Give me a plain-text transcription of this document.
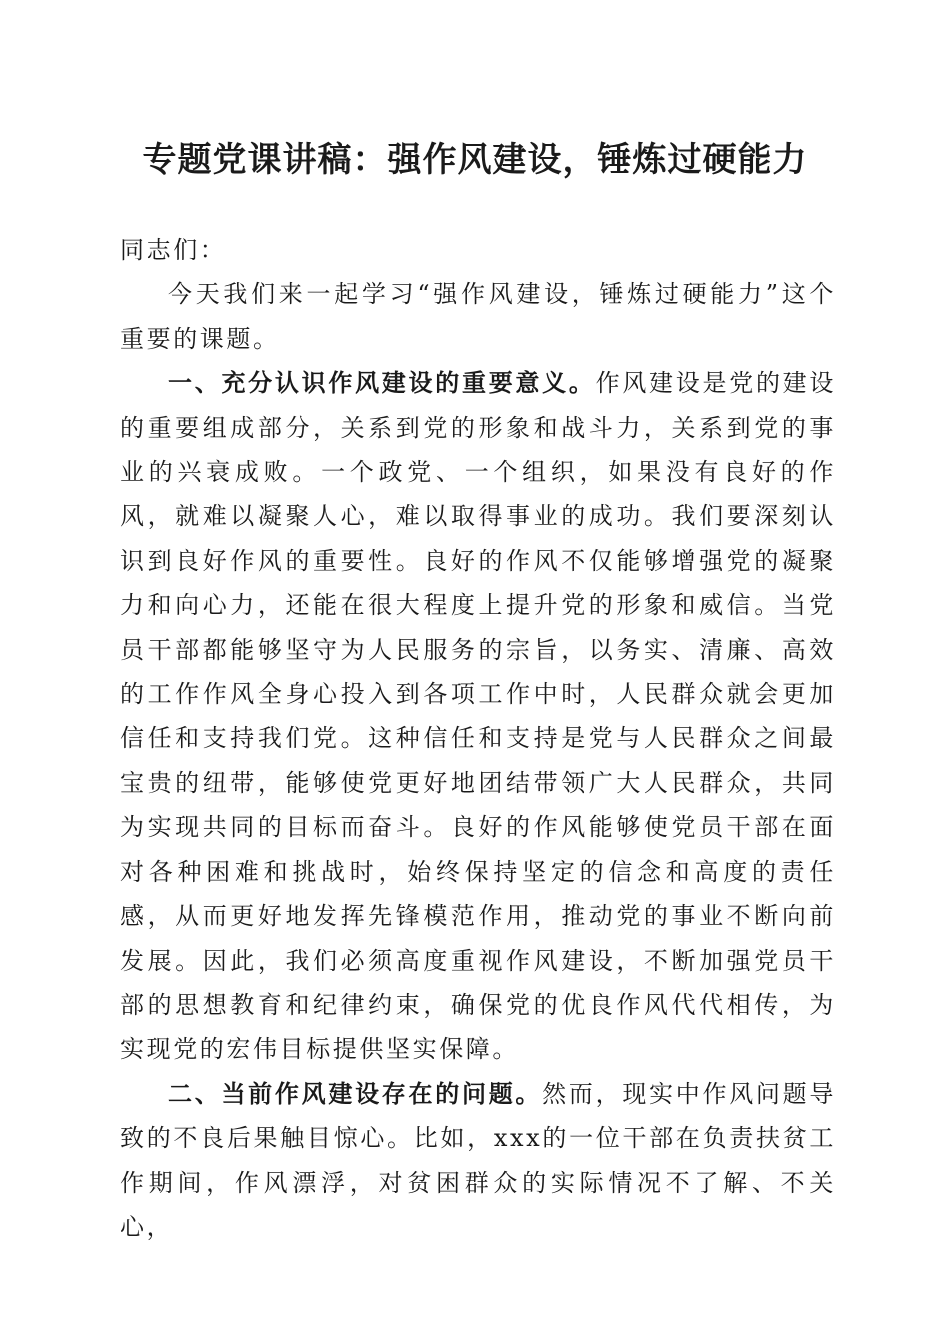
专题党课讲稿：强作风建设，锤炼过硬能力

同志们：

今天我们来一起学习“强作风建设，锤炼过硬能力”这个重要的课题。

一、充分认识作风建设的重要意义。作风建设是党的建设的重要组成部分，关系到党的形象和战斗力，关系到党的事业的兴衰成败。一个政党、一个组织，如果没有良好的作风，就难以凝聚人心，难以取得事业的成功。我们要深刻认识到良好作风的重要性。良好的作风不仅能够增强党的凝聚力和向心力，还能在很大程度上提升党的形象和威信。当党员干部都能够坚守为人民服务的宗旨，以务实、清廉、高效的工作作风全身心投入到各项工作中时，人民群众就会更加信任和支持我们党。这种信任和支持是党与人民群众之间最宝贵的纽带，能够使党更好地团结带领广大人民群众，共同为实现共同的目标而奋斗。良好的作风能够使党员干部在面对各种困难和挑战时，始终保持坚定的信念和高度的责任感，从而更好地发挥先锋模范作用，推动党的事业不断向前发展。因此，我们必须高度重视作风建设，不断加强党员干部的思想教育和纪律约束，确保党的优良作风代代相传，为实现党的宏伟目标提供坚实保障。

二、当前作风建设存在的问题。然而，现实中作风问题导致的不良后果触目惊心。比如，xxx的一位干部在负责扶贫工作期间，作风漂浮，对贫困群众的实际情况不了解、不关心，
